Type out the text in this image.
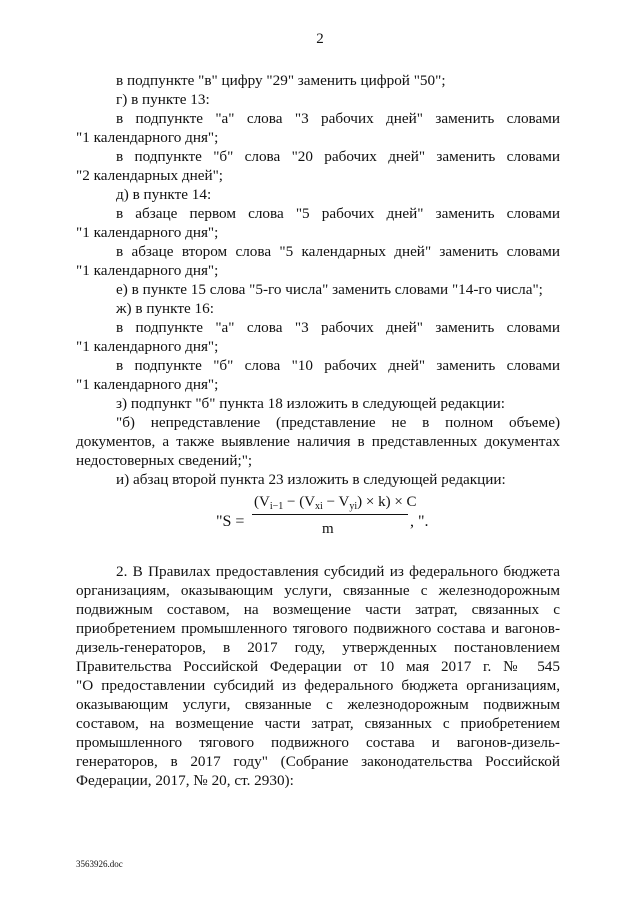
2

в подпункте "в" цифру "29" заменить цифрой "50";

г) в пункте 13:

в подпункте "а" слова "3 рабочих дней" заменить словами

"1 календарного дня";

в подпункте "б" слова "20 рабочих дней" заменить словами

"2 календарных дней";

д) в пункте 14:

в абзаце первом слова "5 рабочих дней" заменить словами

"1 календарного дня";

в абзаце втором слова "5 календарных дней" заменить словами

"1 календарного дня";

е) в пункте 15 слова "5-го числа" заменить словами "14-го числа";

ж) в пункте 16:

в подпункте "а" слова "3 рабочих дней" заменить словами

"1 календарного дня";

в подпункте "б" слова "10 рабочих дней" заменить словами

"1 календарного дня";

з) подпункт "б" пункта 18 изложить в следующей редакции:

"б) непредставление (представление не в полном объеме)

документов, а также выявление наличия в представленных документах

недостоверных сведений;";

и) абзац второй пункта 23 изложить в следующей редакции:

"S =
$(V_{i-1} - (V_{xi} - V_{yi}) \times k) \times C$
m	, ".

2. В Правилах предоставления субсидий из федерального бюджета

организациям, оказывающим услуги, связанные с железнодорожным

подвижным составом, на возмещение части затрат, связанных с

приобретением промышленного тягового подвижного состава и вагонов-

дизель-генераторов, в 2017 году, утвержденных постановлением

Правительства Российской Федерации от 10 мая 2017 г. № 545

"О предоставлении субсидий из федерального бюджета организациям,

оказывающим услуги, связанные с железнодорожным подвижным

составом, на возмещение части затрат, связанных с приобретением

промышленного тягового подвижного состава и вагонов-дизель-

генераторов, в 2017 году" (Собрание законодательства Российской

Федерации, 2017, № 20, ст. 2930):

3563926.doc
